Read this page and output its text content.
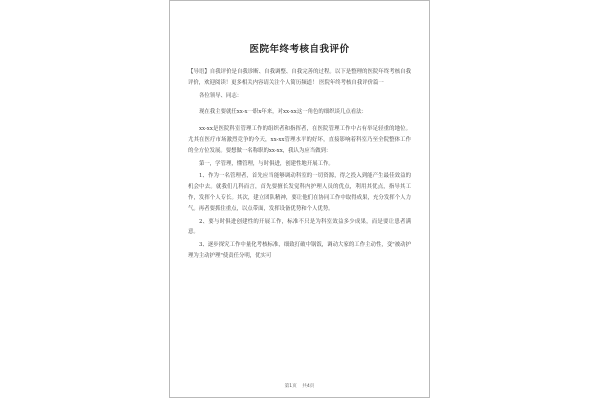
医院年终考核自我评价

【导语】自我评价是自我诊断、自我调整、自我完善的过程。以下是整理的医院年终考核自我评价，欢迎阅读！更多相关内容请关注个人简历频道！ 医院年终考核自我评价篇一

各位领导、同志：

现在我主要就任xx-x一职x年来，对xx-xx这一角色的细织谈几点看法：

xx-xx是医院科室管理工作的组织者和指挥者，在医院管理工作中占有举足轻重的地位。尤其在医疗市场激烈竞争的今天，xx-xx管理水平的好坏，直接影响着科室乃至全院整体工作的全方位发展。要想做一名称职的xx-xx，我认为应当做到：

第一，学管理，懂管理，与时俱进，创建性地开展工作。

1、作为一名管理者，首先应当能够调动科室的一切资源，得之投入到能产生最佳效益的机会中去。就我们几科而言，首先要擅长发觉科内护理人员的优点，利用其优点，指导其工作，发挥个人专长。其次，建立团队精神，要让他们在协同工作中取得成果，充分发挥个人力气。再者要抓住重点，以点带面，发挥设备优势和个人优势。

2、要与时俱进创建性的开展工作，标准不只是为科室效益多少成果，而是要让患者满意。

3、逐步探究工作中量化考核标准，细致打破中锅饭，调动大家的工作主动性，变"被动护理为主动护理"使责任分明，优实可

第1页 共4页
